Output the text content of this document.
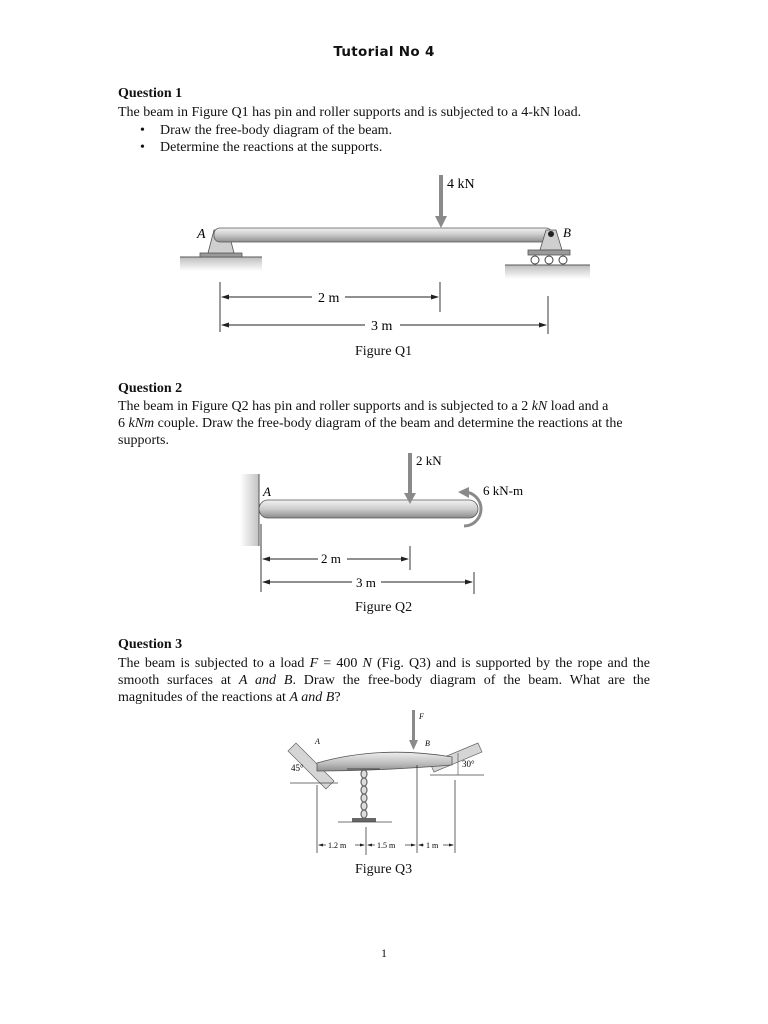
Tutorial No 4
Question 1
The beam in Figure Q1 has pin and roller supports and is subjected to a 4-kN load.
• Draw the free-body diagram of the beam.
• Determine the reactions at the supports.
4 kN
A	B
2 m
3 m
Figure Q1
Question 2
The beam in Figure Q2 has pin and roller supports and is subjected to a 2 kN load and a
6 kNm couple. Draw the free-body diagram of the beam and determine the reactions at the supports.
A
2 kN
6 kN-m
2 m
3 m
Figure Q2
Question 3
The beam is subjected to a load F = 400 N (Fig. Q3) and is supported by the rope and the smooth surfaces at A and B. Draw the free-body diagram of the beam. What are the magnitudes of the reactions at A and B?
45°	30°
A	B
F
1.2 m	1.5 m	1 m
Figure Q3
1
